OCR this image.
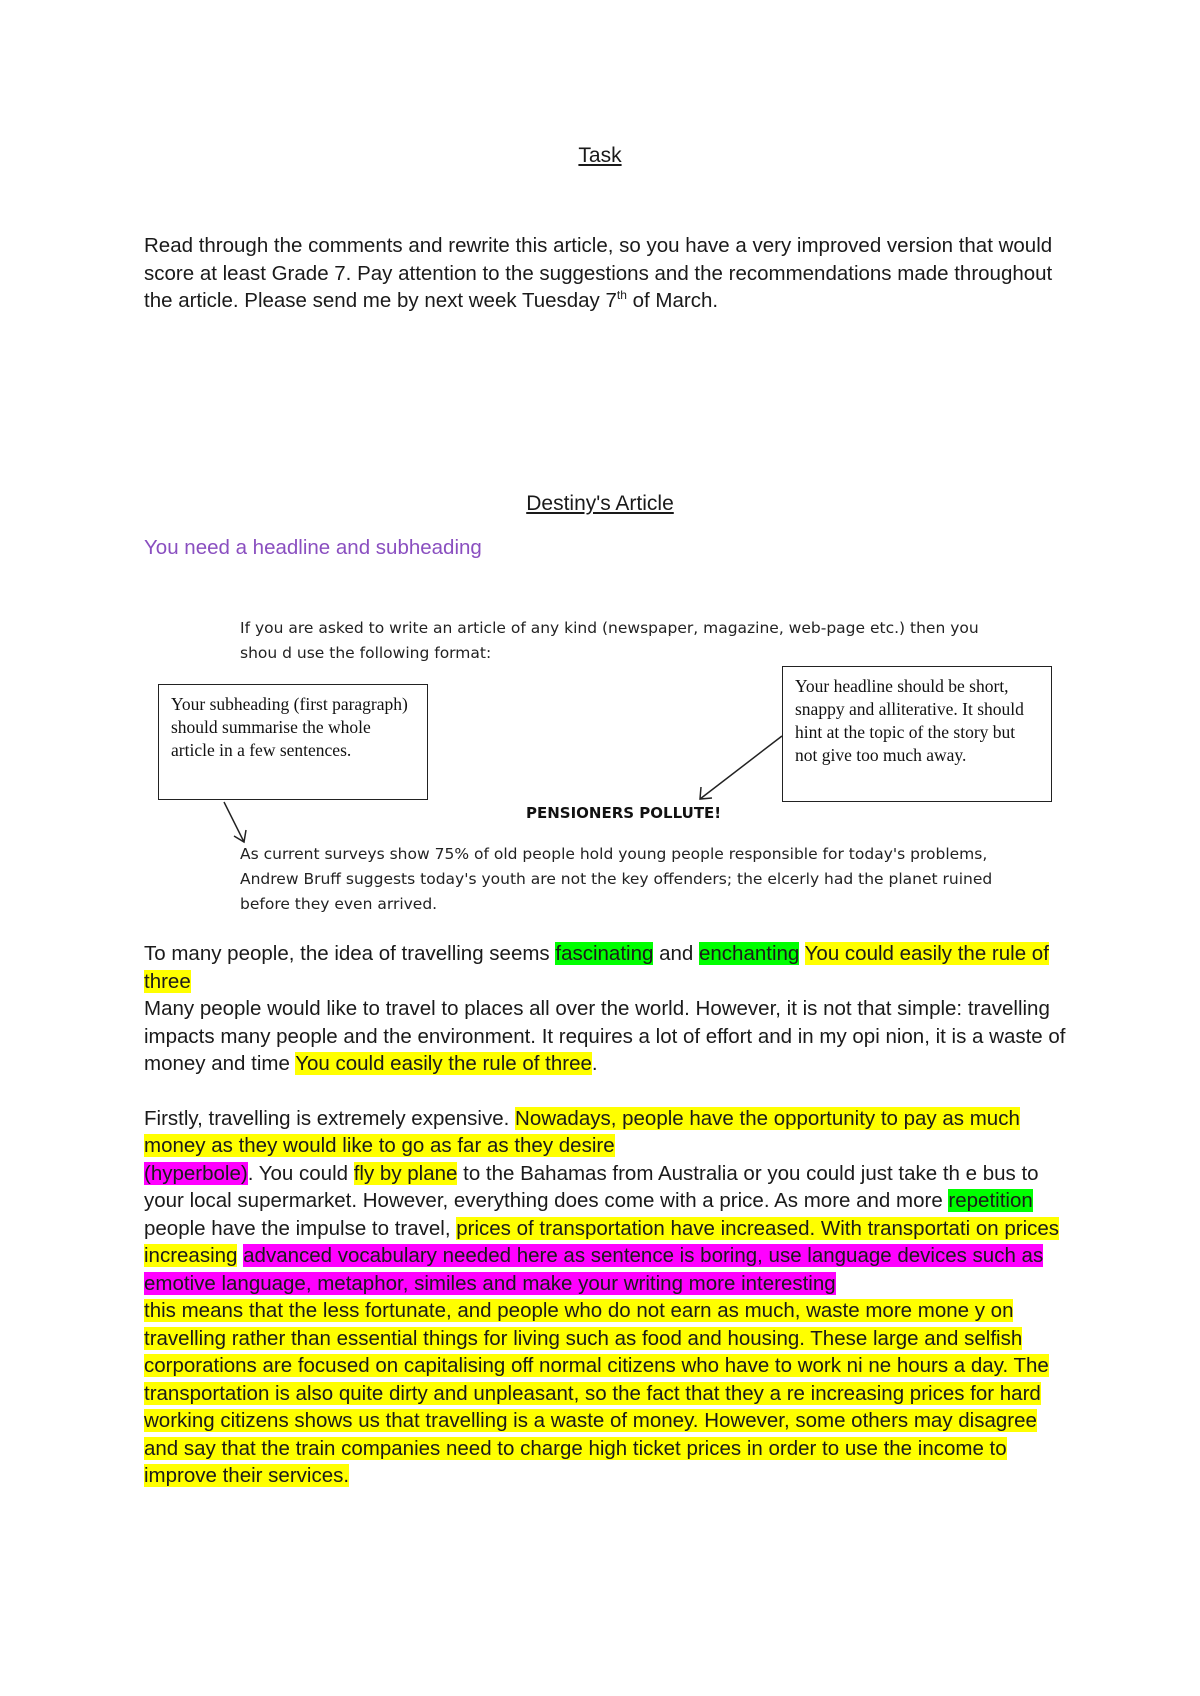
Task
Read through the comments and rewrite this article, so you have a very improved version that would score at least Grade 7. Pay attention to the suggestions and the recommendations made throughout the article. Please send me by next week Tuesday 7th of March.
Destiny's Article
You need a headline and subheading
If you are asked to write an article of any kind (newspaper, magazine, web-page etc.) then you shou d use the following format:
Your subheading (first paragraph) should summarise the whole article in a few sentences.
Your headline should be short, snappy and alliterative. It should hint at the topic of the story but not give too much away.
PENSIONERS POLLUTE!
As current surveys show 75% of old people hold young people responsible for today's problems, Andrew Bruff suggests today's youth are not the key offenders; the elcerly had the planet ruined before they even arrived.

To many people, the idea of travelling seems fascinating and enchanting You could easily the rule of three

Many people would like to travel to places all over the world. However, it is not that simple: travelling impacts many people and the environment. It requires a lot of effort and in my opi nion, it is a waste of money and time You could easily the rule of three.

Firstly, travelling is extremely expensive. Nowadays, people have the opportunity to pay as much money as they would like to go as far as they desire
(hyperbole). You could fly by plane to the Bahamas from Australia or you could just take th e bus to your local supermarket. However, everything does come with a price. As more and more repetition
people have the impulse to travel, prices of transportation have increased. With transportati on prices increasing advanced vocabulary needed here as sentence is boring, use language devices such as emotive language, metaphor, similes and make your writing more interesting
this means that the less fortunate, and people who do not earn as much, waste more mone y on travelling rather than essential things for living such as food and housing. These large and selfish corporations are focused on capitalising off normal citizens who have to work ni ne hours a day. The transportation is also quite dirty and unpleasant, so the fact that they a re increasing prices for hard working citizens shows us that travelling is a waste of money. However, some others may disagree and say that the train companies need to charge high ticket prices in order to use the income to improve their services.
